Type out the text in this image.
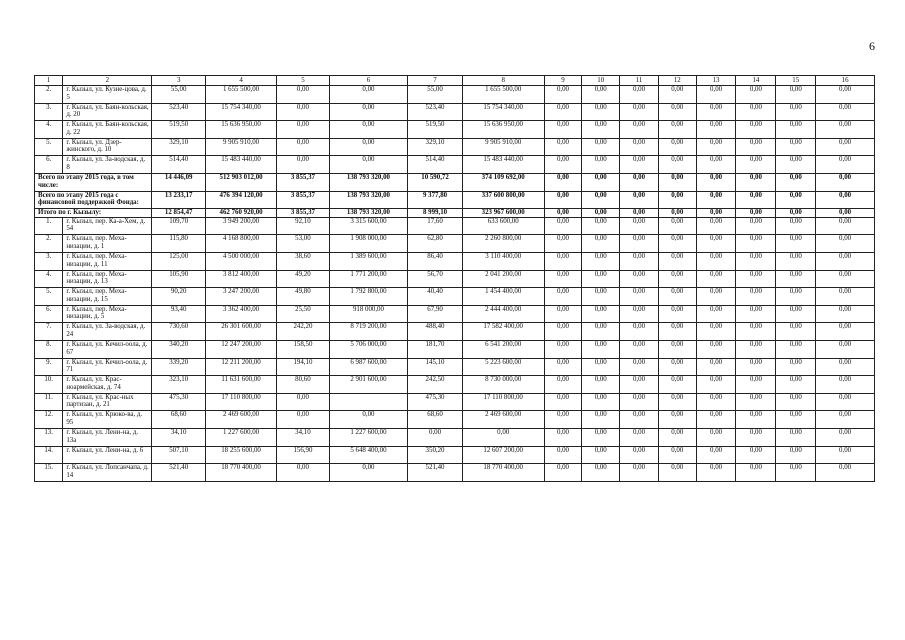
6
1	2	3	4	5	6	7	8	9	10	11	12	13	14	15	16
2.	г. Кызыл, ул. Кузне-цова, д. 5	55,00	1 655 500,00	0,00	0,00	55,00	1 655 500,00	0,00	0,00	0,00	0,00	0,00	0,00	0,00	0,00
3.	г. Кызыл, ул. Баян-кольская, д. 20	523,40	15 754 340,00	0,00	0,00	523,40	15 754 340,00	0,00	0,00	0,00	0,00	0,00	0,00	0,00	0,00
4.	г. Кызыл, ул. Баян-кольская, д. 22	519,50	15 636 950,00	0,00	0,00	519,50	15 636 950,00	0,00	0,00	0,00	0,00	0,00	0,00	0,00	0,00
5.	г. Кызыл, ул. Дзер-жинского, д. 10	329,10	9 905 910,00	0,00	0,00	329,10	9 905 910,00	0,00	0,00	0,00	0,00	0,00	0,00	0,00	0,00
6.	г. Кызыл, ул. За-водская, д. 8	514,40	15 483 440,00	0,00	0,00	514,40	15 483 440,00	0,00	0,00	0,00	0,00	0,00	0,00	0,00	0,00
Всего по этапу 2015 года, в том числе:		14 446,09	512 903 012,00	3 855,37	138 793 320,00	10 590,72	374 109 692,00	0,00	0,00	0,00	0,00	0,00	0,00	0,00	0,00
Всего по этапу 2015 года с финансовой поддержкой Фонда:		13 233,17	476 394 120,00	3 855,37	138 793 320,00	9 377,80	337 600 800,00	0,00	0,00	0,00	0,00	0,00	0,00	0,00	0,00
Итого по г. Кызылу:		12 854,47	462 760 920,00	3 855,37	138 793 320,00	8 999,10	323 967 600,00	0,00	0,00	0,00	0,00	0,00	0,00	0,00	0,00
1.	г. Кызыл, пер. Ка-а-Хем, д. 54	109,70	3 949 200,00	92,10	3 315 600,00	17,60	633 600,00	0,00	0,00	0,00	0,00	0,00	0,00	0,00	0,00
2.	г. Кызыл, пер. Меха-низации, д. 1	115,80	4 168 800,00	53,00	1 908 000,00	62,80	2 260 800,00	0,00	0,00	0,00	0,00	0,00	0,00	0,00	0,00
3.	г. Кызыл, пер. Меха-низации, д. 11	125,00	4 500 000,00	38,60	1 389 600,00	86,40	3 110 400,00	0,00	0,00	0,00	0,00	0,00	0,00	0,00	0,00
4.	г. Кызыл, пер. Меха-низации, д. 13	105,90	3 812 400,00	49,20	1 771 200,00	56,70	2 041 200,00	0,00	0,00	0,00	0,00	0,00	0,00	0,00	0,00
5.	г. Кызыл, пер. Меха-низации, д. 15	90,20	3 247 200,00	49,80	1 792 800,00	40,40	1 454 400,00	0,00	0,00	0,00	0,00	0,00	0,00	0,00	0,00
6.	г. Кызыл, пер. Меха-низации, д. 5	93,40	3 362 400,00	25,50	918 000,00	67,90	2 444 400,00	0,00	0,00	0,00	0,00	0,00	0,00	0,00	0,00
7.	г. Кызыл, ул. За-водская, д. 24	730,60	26 301 600,00	242,20	8 719 200,00	488,40	17 582 400,00	0,00	0,00	0,00	0,00	0,00	0,00	0,00	0,00
8.	г. Кызыл, ул. Кечил-оола, д. 67	340,20	12 247 200,00	158,50	5 706 000,00	181,70	6 541 200,00	0,00	0,00	0,00	0,00	0,00	0,00	0,00	0,00
9.	г. Кызыл, ул. Кечил-оола, д. 71	339,20	12 211 200,00	194,10	6 987 600,00	145,10	5 223 600,00	0,00	0,00	0,00	0,00	0,00	0,00	0,00	0,00
10.	г. Кызыл, ул. Крас-ноармейская, д. 74	323,10	11 631 600,00	80,60	2 901 600,00	242,50	8 730 000,00	0,00	0,00	0,00	0,00	0,00	0,00	0,00	0,00
11.	г. Кызыл, ул. Крас-ных партизан, д. 21	475,30	17 110 800,00	0,00		475,30	17 110 800,00	0,00	0,00	0,00	0,00	0,00	0,00	0,00	0,00
12.	г. Кызыл, ул. Крюко-ва, д. 95	68,60	2 469 600,00	0,00	0,00	68,60	2 469 600,00	0,00	0,00	0,00	0,00	0,00	0,00	0,00	0,00
13.	г. Кызыл, ул. Лени-на, д. 13а	34,10	1 227 600,00	34,10	1 227 600,00	0,00	0,00	0,00	0,00	0,00	0,00	0,00	0,00	0,00	0,00
14.	г. Кызыл, ул. Лени-на, д. 6	507,10	18 255 600,00	156,90	5 648 400,00	350,20	12 607 200,00	0,00	0,00	0,00	0,00	0,00	0,00	0,00	0,00
15.	г. Кызыл, ул. Лопсанчапа, д. 14	521,40	18 770 400,00	0,00	0,00	521,40	18 770 400,00	0,00	0,00	0,00	0,00	0,00	0,00	0,00	0,00
